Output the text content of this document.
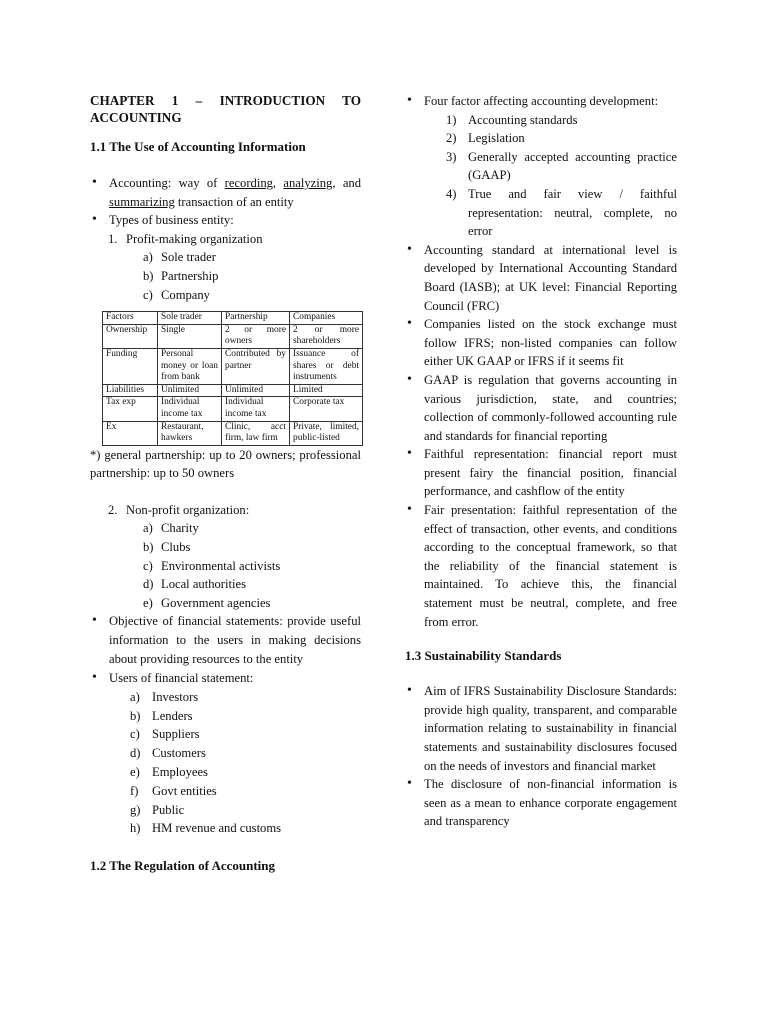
CHAPTER 1 – INTRODUCTION TO ACCOUNTING
1.1 The Use of Accounting Information
• Accounting: way of recording, analyzing, and summarizing transaction of an entity
• Types of business entity:
1. Profit-making organization
a) Sole trader
b) Partnership
c) Company
Factors	Sole trader	Partnership	Companies
Ownership	Single	2 or more owners	2 or more shareholders
Funding	Personal money or loan from bank	Contributed by partner	Issuance of shares or debt instruments
Liabilities	Unlimited	Unlimited	Limited
Tax exp	Individual income tax	Individual income tax	Corporate tax
Ex	Restaurant, hawkers	Clinic, acct firm, law firm	Private, limited, public-listed
*) general partnership: up to 20 owners; professional partnership: up to 50 owners
2. Non-profit organization:
a) Charity
b) Clubs
c) Environmental activists
d) Local authorities
e) Government agencies
• Objective of financial statements: provide useful information to the users in making decisions about providing resources to the entity
• Users of financial statement:
a) Investors
b) Lenders
c) Suppliers
d) Customers
e) Employees
f) Govt entities
g) Public
h) HM revenue and customs
1.2 The Regulation of Accounting
• Four factor affecting accounting development:
1) Accounting standards
2) Legislation
3) Generally accepted accounting practice (GAAP)
4) True and fair view / faithful representation: neutral, complete, no error
• Accounting standard at international level is developed by International Accounting Standard Board (IASB); at UK level: Financial Reporting Council (FRC)
• Companies listed on the stock exchange must follow IFRS; non-listed companies can follow either UK GAAP or IFRS if it seems fit
• GAAP is regulation that governs accounting in various jurisdiction, state, and countries; collection of commonly-followed accounting rule and standards for financial reporting
• Faithful representation: financial report must present fairy the financial position, financial performance, and cashflow of the entity
• Fair presentation: faithful representation of the effect of transaction, other events, and conditions according to the conceptual framework, so that the reliability of the financial statement is maintained. To achieve this, the financial statement must be neutral, complete, and free from error.
1.3 Sustainability Standards
• Aim of IFRS Sustainability Disclosure Standards: provide high quality, transparent, and comparable information relating to sustainability in financial statements and sustainability disclosures focused on the needs of investors and financial market
• The disclosure of non-financial information is seen as a mean to enhance corporate engagement and transparency
